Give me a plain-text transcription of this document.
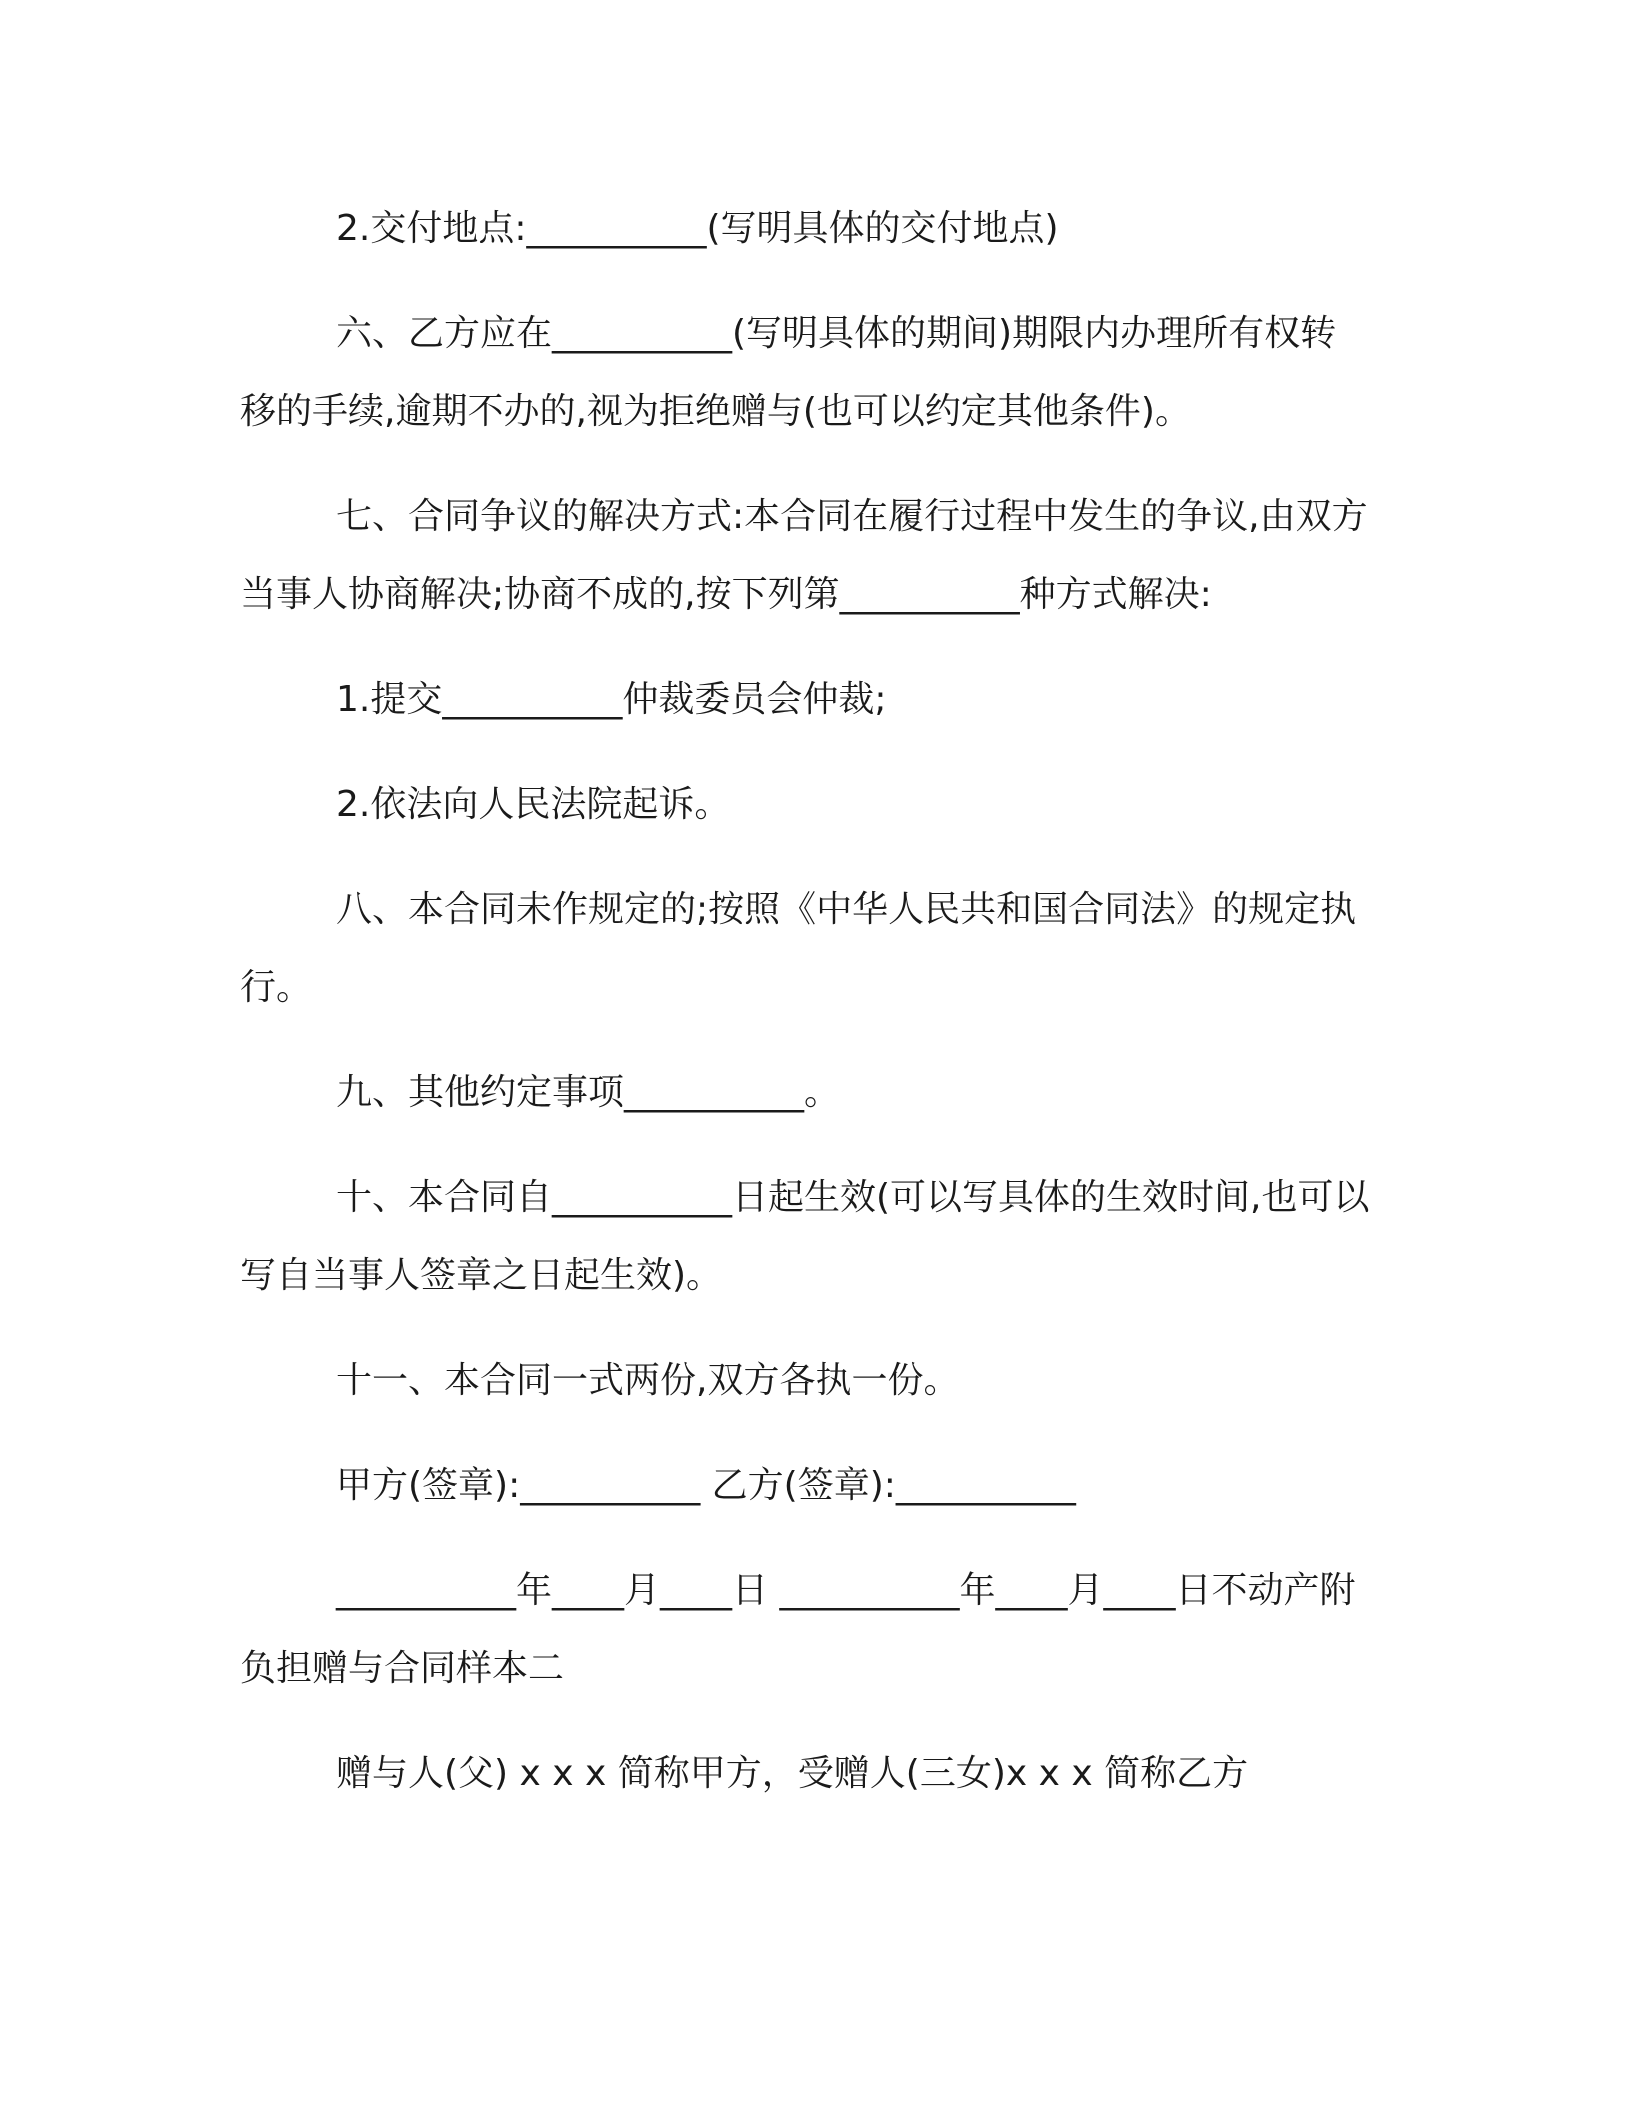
2.交付地点:__________(写明具体的交付地点)

六、乙方应在__________(写明具体的期间)期限内办理所有权转移的手续,逾期不办的,视为拒绝赠与(也可以约定其他条件)。

七、合同争议的解决方式:本合同在履行过程中发生的争议,由双方当事人协商解决;协商不成的,按下列第__________种方式解决:

1.提交__________仲裁委员会仲裁;

2.依法向人民法院起诉。

八、本合同未作规定的;按照《中华人民共和国合同法》的规定执行。

九、其他约定事项__________。

十、本合同自__________日起生效(可以写具体的生效时间,也可以写自当事人签章之日起生效)。

十一、本合同一式两份,双方各执一份。

甲方(签章):__________ 乙方(签章):__________

__________年____月____日 __________年____月____日不动产附负担赠与合同样本二

赠与人(父) x x x 简称甲方，受赠人(三女)x x x 简称乙方
